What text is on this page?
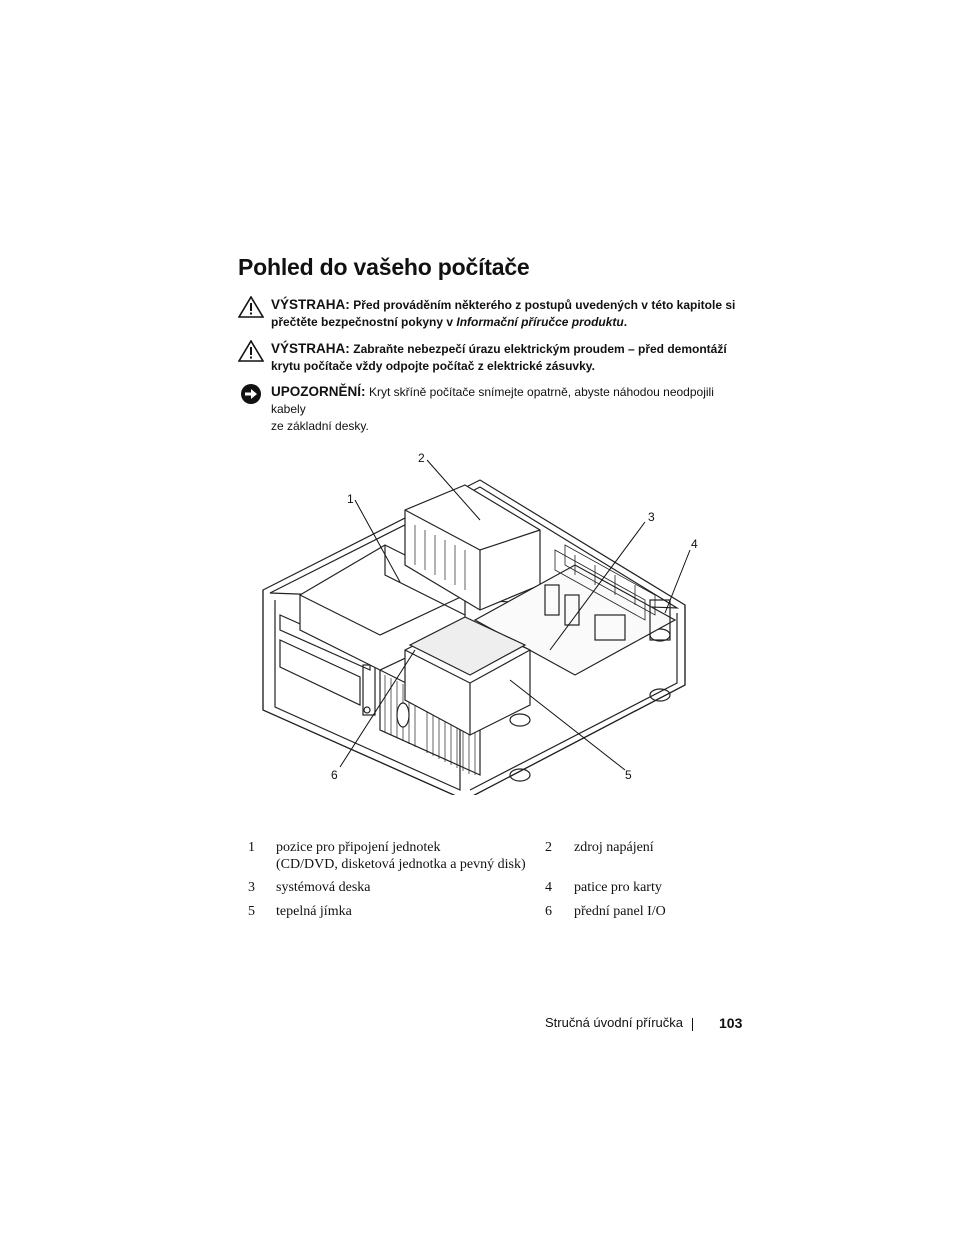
Pohled do vašeho počítače
VÝSTRAHA: Před prováděním některého z postupů uvedených v této kapitole si
přečtěte bezpečnostní pokyny v Informační příručce produktu.
VÝSTRAHA: Zabraňte nebezpečí úrazu elektrickým proudem – před demontáží
krytu počítače vždy odpojte počítač z elektrické zásuvky.
UPOZORNĚNÍ: Kryt skříně počítače snímejte opatrně, abyste náhodou neodpojili kabely
ze základní desky.
1
2
3
4
5
6
1 pozice pro připojení jednotek
(CD/DVD, disketová jednotka a pevný disk)
2 zdroj napájení
3 systémová deska	4 patice pro karty
5 tepelná jímka	6 přední panel I/O
Stručná úvodní příručka	103
